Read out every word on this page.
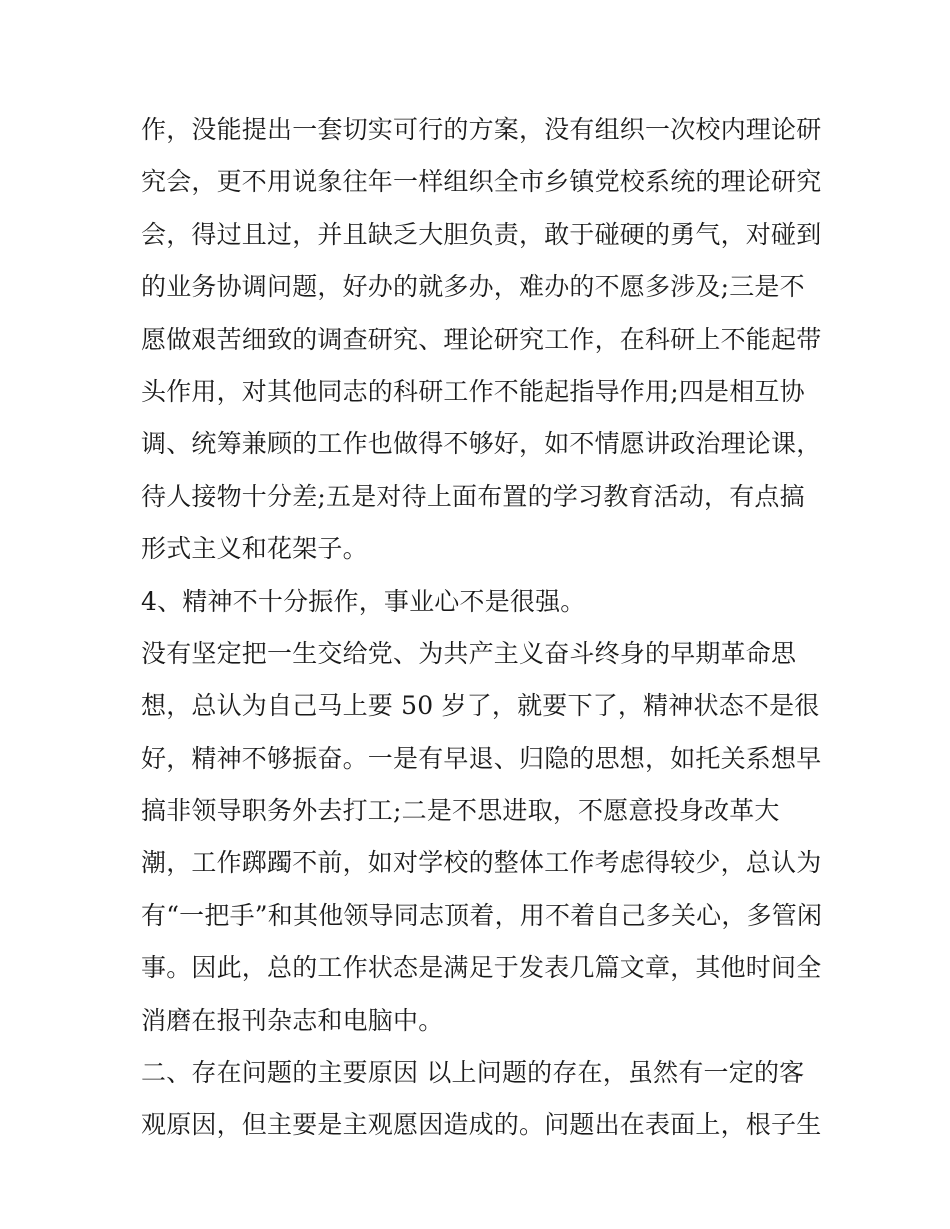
作，没能提出一套切实可行的方案，没有组织一次校内理论研
究会，更不用说象往年一样组织全市乡镇党校系统的理论研究
会，得过且过，并且缺乏大胆负责，敢于碰硬的勇气，对碰到
的业务协调问题，好办的就多办，难办的不愿多涉及;三是不
愿做艰苦细致的调查研究、理论研究工作，在科研上不能起带
头作用，对其他同志的科研工作不能起指导作用;四是相互协
调、统筹兼顾的工作也做得不够好，如不情愿讲政治理论课，
待人接物十分差;五是对待上面布置的学习教育活动，有点搞
形式主义和花架子。
4、精神不十分振作，事业心不是很强。
没有坚定把一生交给党、为共产主义奋斗终身的早期革命思
想，总认为自己马上要 50 岁了，就要下了，精神状态不是很
好，精神不够振奋。一是有早退、归隐的思想，如托关系想早
搞非领导职务外去打工;二是不思进取，不愿意投身改革大
潮，工作踯躅不前，如对学校的整体工作考虑得较少，总认为
有“一把手”和其他领导同志顶着，用不着自己多关心，多管闲
事。因此，总的工作状态是满足于发表几篇文章，其他时间全
消磨在报刊杂志和电脑中。
二、存在问题的主要原因 以上问题的存在，虽然有一定的客
观原因，但主要是主观愿因造成的。问题出在表面上，根子生
